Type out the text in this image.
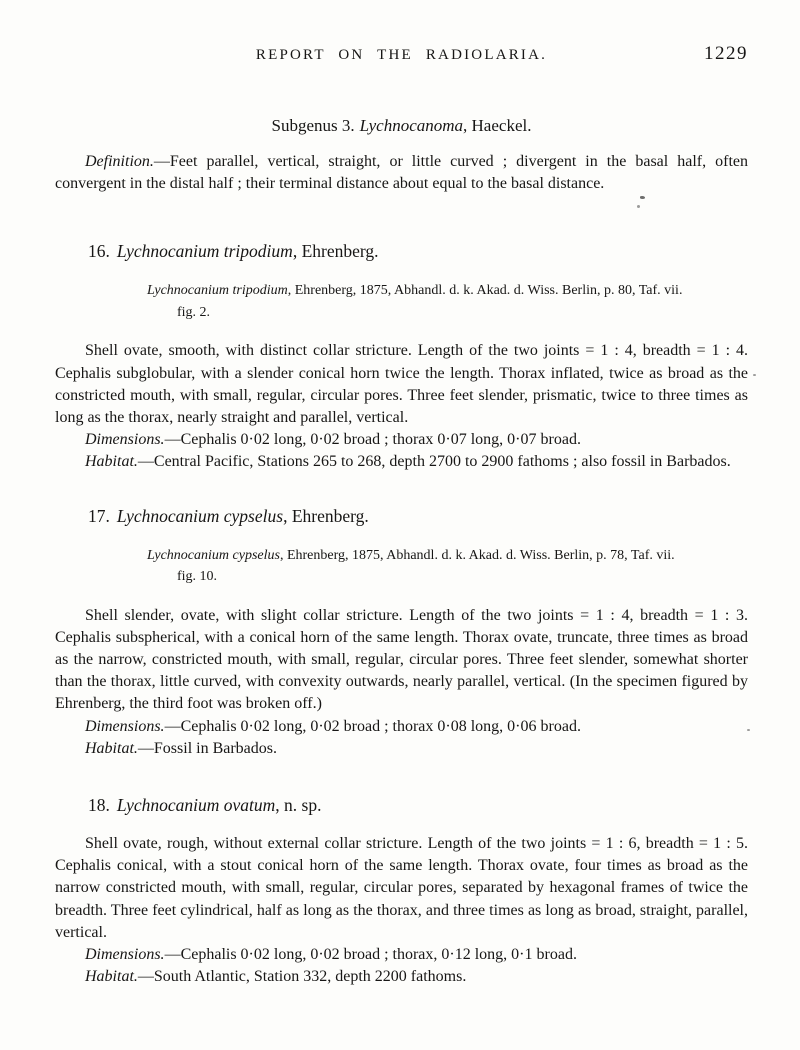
REPORT ON THE RADIOLARIA.	1229
Subgenus 3. Lychnocanoma, Haeckel.

Definition.—Feet parallel, vertical, straight, or little curved ; divergent in the basal half, often convergent in the distal half ; their terminal distance about equal to the basal distance.

16. Lychnocanium tripodium, Ehrenberg.
Lychnocanium tripodium, Ehrenberg, 1875, Abhandl. d. k. Akad. d. Wiss. Berlin, p. 80, Taf. vii.
fig. 2.

Shell ovate, smooth, with distinct collar stricture. Length of the two joints = 1 : 4, breadth = 1 : 4. Cephalis subglobular, with a slender conical horn twice the length. Thorax inflated, twice as broad as the constricted mouth, with small, regular, circular pores. Three feet slender, prismatic, twice to three times as long as the thorax, nearly straight and parallel, vertical.

Dimensions.—Cephalis 0·02 long, 0·02 broad ; thorax 0·07 long, 0·07 broad.

Habitat.—Central Pacific, Stations 265 to 268, depth 2700 to 2900 fathoms ; also fossil in Barbados.

17. Lychnocanium cypselus, Ehrenberg.
Lychnocanium cypselus, Ehrenberg, 1875, Abhandl. d. k. Akad. d. Wiss. Berlin, p. 78, Taf. vii.
fig. 10.

Shell slender, ovate, with slight collar stricture. Length of the two joints = 1 : 4, breadth = 1 : 3. Cephalis subspherical, with a conical horn of the same length. Thorax ovate, truncate, three times as broad as the narrow, constricted mouth, with small, regular, circular pores. Three feet slender, somewhat shorter than the thorax, little curved, with convexity outwards, nearly parallel, vertical. (In the specimen figured by Ehrenberg, the third foot was broken off.)

Dimensions.—Cephalis 0·02 long, 0·02 broad ; thorax 0·08 long, 0·06 broad.

Habitat.—Fossil in Barbados.

18. Lychnocanium ovatum, n. sp.

Shell ovate, rough, without external collar stricture. Length of the two joints = 1 : 6, breadth = 1 : 5. Cephalis conical, with a stout conical horn of the same length. Thorax ovate, four times as broad as the narrow constricted mouth, with small, regular, circular pores, separated by hexagonal frames of twice the breadth. Three feet cylindrical, half as long as the thorax, and three times as long as broad, straight, parallel, vertical.

Dimensions.—Cephalis 0·02 long, 0·02 broad ; thorax, 0·12 long, 0·1 broad.

Habitat.—South Atlantic, Station 332, depth 2200 fathoms.
